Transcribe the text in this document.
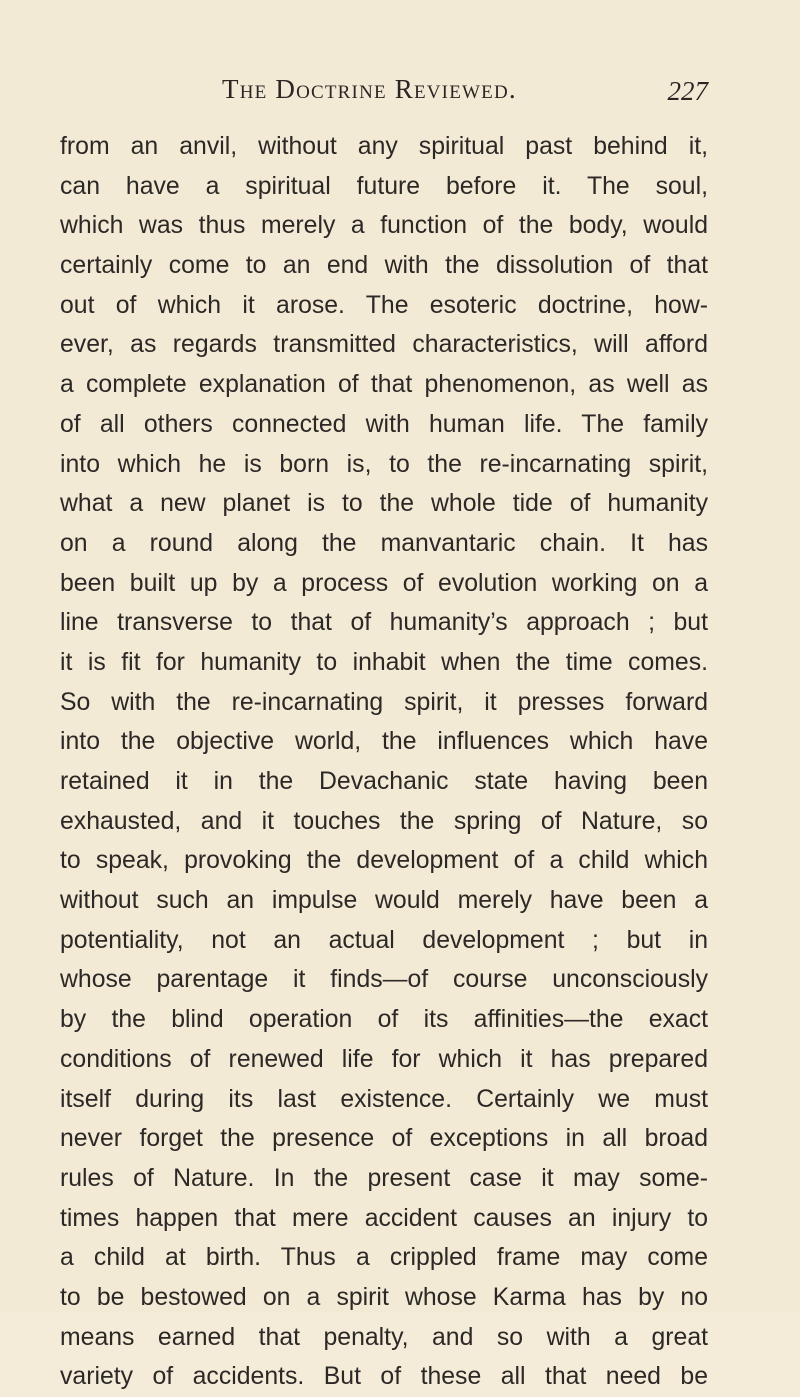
The Doctrine Reviewed.	227
from an anvil, without any spiritual past behind it,
can have a spiritual future before it. The soul,
which was thus merely a function of the body, would
certainly come to an end with the dissolution of that
out of which it arose. The esoteric doctrine, how-
ever, as regards transmitted characteristics, will afford
a complete explanation of that phenomenon, as well as
of all others connected with human life. The family
into which he is born is, to the re-incarnating spirit,
what a new planet is to the whole tide of humanity
on a round along the manvantaric chain. It has
been built up by a process of evolution working on a
line transverse to that of humanity’s approach ; but
it is fit for humanity to inhabit when the time comes.
So with the re-incarnating spirit, it presses forward
into the objective world, the influences which have
retained it in the Devachanic state having been
exhausted, and it touches the spring of Nature, so
to speak, provoking the development of a child which
without such an impulse would merely have been a
potentiality, not an actual development ; but in
whose parentage it finds—of course unconsciously
by the blind operation of its affinities—the exact
conditions of renewed life for which it has prepared
itself during its last existence. Certainly we must
never forget the presence of exceptions in all broad
rules of Nature. In the present case it may some-
times happen that mere accident causes an injury to
a child at birth. Thus a crippled frame may come
to be bestowed on a spirit whose Karma has by no
means earned that penalty, and so with a great
variety of accidents. But of these all that need be
